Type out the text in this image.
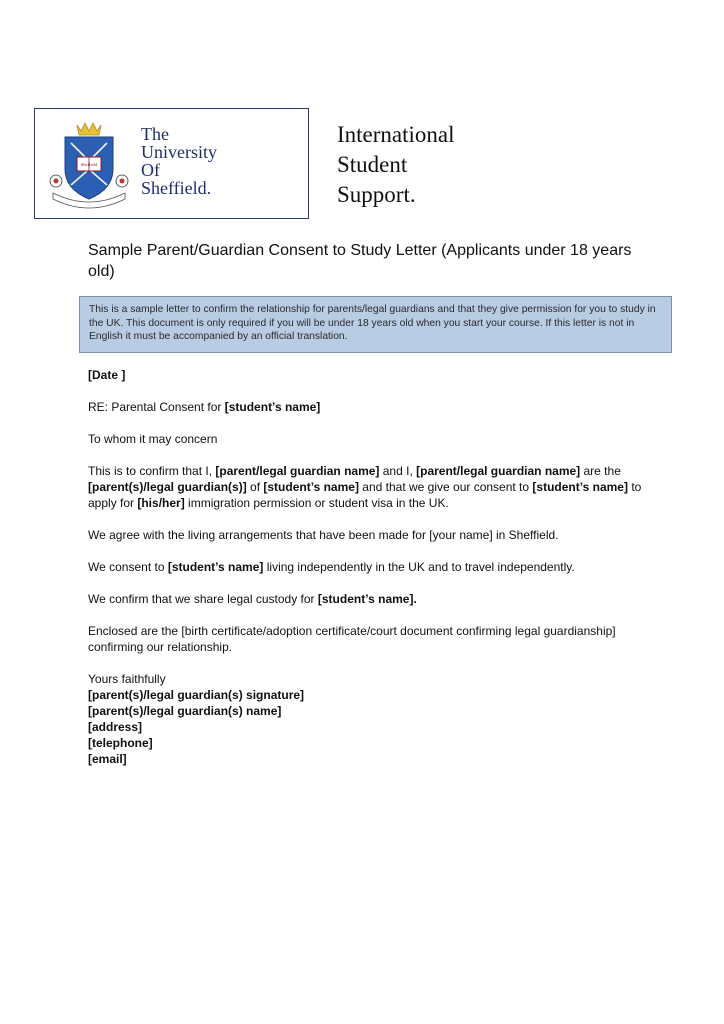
Sheffield
The
University
Of
Sheffield.
International
Student
Support.
Sample Parent/Guardian Consent to Study Letter (Applicants under 18 years old)
This is a sample letter to confirm the relationship for parents/legal guardians and that they give permission for you to study in the UK. This document is only required if you will be under 18 years old when you start your course. If this letter is not in English it must be accompanied by an official translation.

[Date ]

RE: Parental Consent for [student’s name]

To whom it may concern

This is to confirm that I, [parent/legal guardian name] and I, [parent/legal guardian name] are the [parent(s)/legal guardian(s)] of [student’s name] and that we give our consent to [student’s name] to apply for [his/her] immigration permission or student visa in the UK.

We agree with the living arrangements that have been made for [your name] in Sheffield.

We consent to [student’s name] living independently in the UK and to travel independently.

We confirm that we share legal custody for [student’s name].

Enclosed are the [birth certificate/adoption certificate/court document confirming legal guardianship] confirming our relationship.

Yours faithfully
[parent(s)/legal guardian(s) signature]
[parent(s)/legal guardian(s) name]
[address]
[telephone]
[email]
